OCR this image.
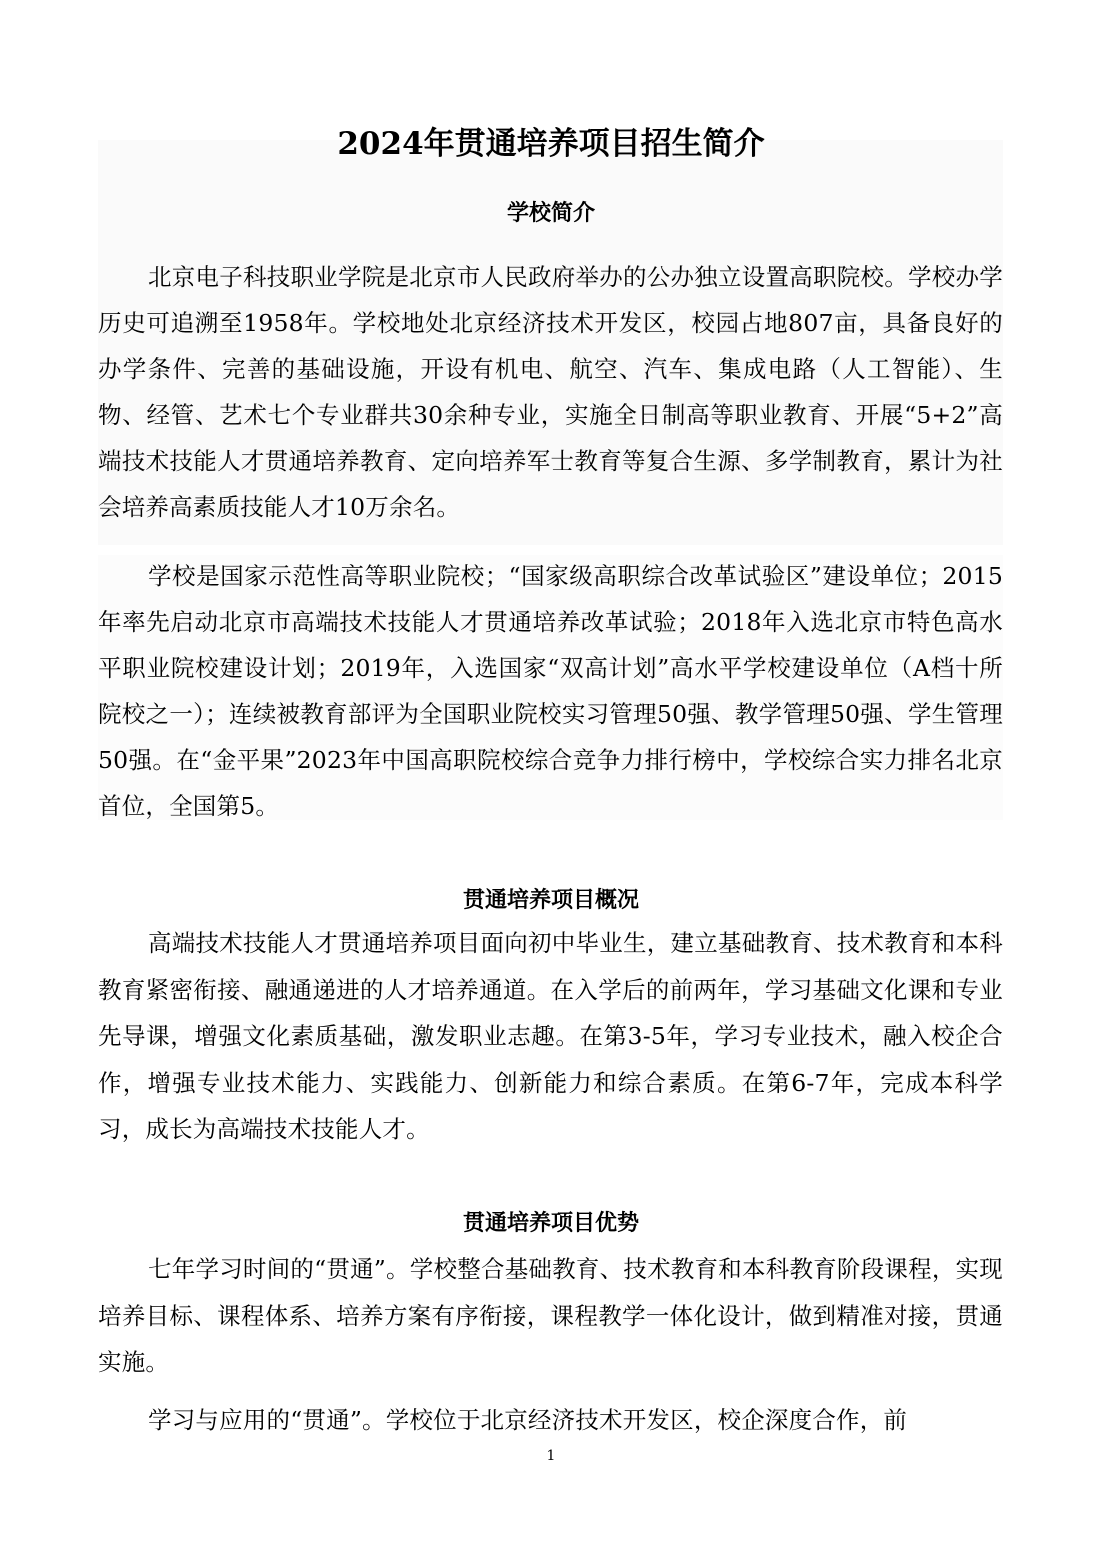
2024年贯通培养项目招生简介
学校简介
北京电子科技职业学院是北京市人民政府举办的公办独立设置高职院校。学校办学历史可追溯至1958年。学校地处北京经济技术开发区，校园占地807亩，具备良好的办学条件、完善的基础设施，开设有机电、航空、汽车、集成电路（人工智能）、生物、经管、艺术七个专业群共30余种专业，实施全日制高等职业教育、开展“5+2”高端技术技能人才贯通培养教育、定向培养军士教育等复合生源、多学制教育，累计为社会培养高素质技能人才10万余名。
学校是国家示范性高等职业院校；“国家级高职综合改革试验区”建设单位；2015年率先启动北京市高端技术技能人才贯通培养改革试验；2018年入选北京市特色高水平职业院校建设计划；2019年，入选国家“双高计划”高水平学校建设单位（A档十所院校之一）；连续被教育部评为全国职业院校实习管理50强、教学管理50强、学生管理50强。在“金平果”2023年中国高职院校综合竞争力排行榜中，学校综合实力排名北京首位，全国第5。
贯通培养项目概况
高端技术技能人才贯通培养项目面向初中毕业生，建立基础教育、技术教育和本科教育紧密衔接、融通递进的人才培养通道。在入学后的前两年，学习基础文化课和专业先导课，增强文化素质基础，激发职业志趣。在第3-5年，学习专业技术，融入校企合作，增强专业技术能力、实践能力、创新能力和综合素质。在第6-7年，完成本科学习，成长为高端技术技能人才。
贯通培养项目优势
七年学习时间的“贯通”。学校整合基础教育、技术教育和本科教育阶段课程，实现培养目标、课程体系、培养方案有序衔接，课程教学一体化设计，做到精准对接，贯通实施。
学习与应用的“贯通”。学校位于北京经济技术开发区，校企深度合作，前
1
